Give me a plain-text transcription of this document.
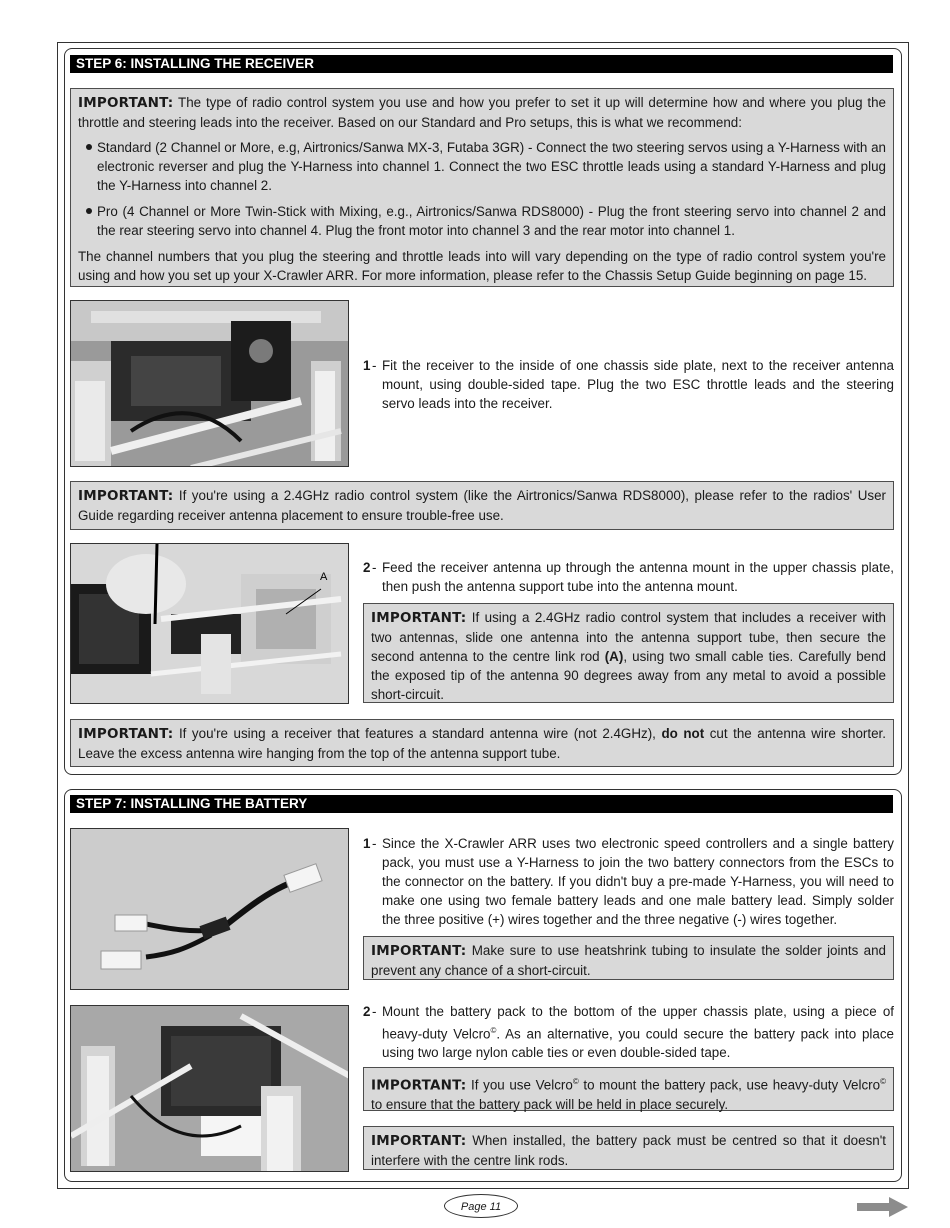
STEP 6: INSTALLING THE RECEIVER
IMPORTANT: The type of radio control system you use and how you prefer to set it up will determine how and where you plug the throttle and steering leads into the receiver. Based on our Standard and Pro setups, this is what we recommend:
Standard (2 Channel or More, e.g, Airtronics/Sanwa MX-3, Futaba 3GR) - Connect the two steering servos using a Y-Harness with an electronic reverser and plug the Y-Harness into channel 1. Connect the two ESC throttle leads using a standard Y-Harness and plug the Y-Harness into channel 2.
Pro (4 Channel or More Twin-Stick with Mixing, e.g., Airtronics/Sanwa RDS8000) - Plug the front steering servo into channel 2 and the rear steering servo into channel 4. Plug the front motor into channel 3 and the rear motor into channel 1.
The channel numbers that you plug the steering and throttle leads into will vary depending on the type of radio control system you're using and how you set up your X-Crawler ARR. For more information, please refer to the Chassis Setup Guide beginning on page 15.
1 - Fit the receiver to the inside of one chassis side plate, next to the receiver antenna mount, using double-sided tape. Plug the two ESC throttle leads and the steering servo leads into the receiver.
IMPORTANT: If you're using a 2.4GHz radio control system (like the Airtronics/Sanwa RDS8000), please refer to the radios' User Guide regarding receiver antenna placement to ensure trouble-free use.
A
2 - Feed the receiver antenna up through the antenna mount in the upper chassis plate, then push the antenna support tube into the antenna mount.
IMPORTANT: If using a 2.4GHz radio control system that includes a receiver with two antennas, slide one antenna into the antenna support tube, then secure the second antenna to the centre link rod (A), using two small cable ties. Carefully bend the exposed tip of the antenna 90 degrees away from any metal to avoid a possible short-circuit.
IMPORTANT: If you're using a receiver that features a standard antenna wire (not 2.4GHz), do not cut the antenna wire shorter. Leave the excess antenna wire hanging from the top of the antenna support tube.
STEP 7: INSTALLING THE BATTERY
1 - Since the X-Crawler ARR uses two electronic speed controllers and a single battery pack, you must use a Y-Harness to join the two battery connectors from the ESCs to the connector on the battery. If you didn't buy a pre-made Y-Harness, you will need to make one using two female battery leads and one male battery lead. Simply solder the three positive (+) wires together and the three negative (-) wires together.
IMPORTANT: Make sure to use heatshrink tubing to insulate the solder joints and prevent any chance of a short-circuit.
2 - Mount the battery pack to the bottom of the upper chassis plate, using a piece of heavy-duty Velcro©. As an alternative, you could secure the battery pack into place using two large nylon cable ties or even double-sided tape.
IMPORTANT: If you use Velcro© to mount the battery pack, use heavy-duty Velcro© to ensure that the battery pack will be held in place securely.
IMPORTANT: When installed, the battery pack must be centred so that it doesn't interfere with the centre link rods.
Page 11
